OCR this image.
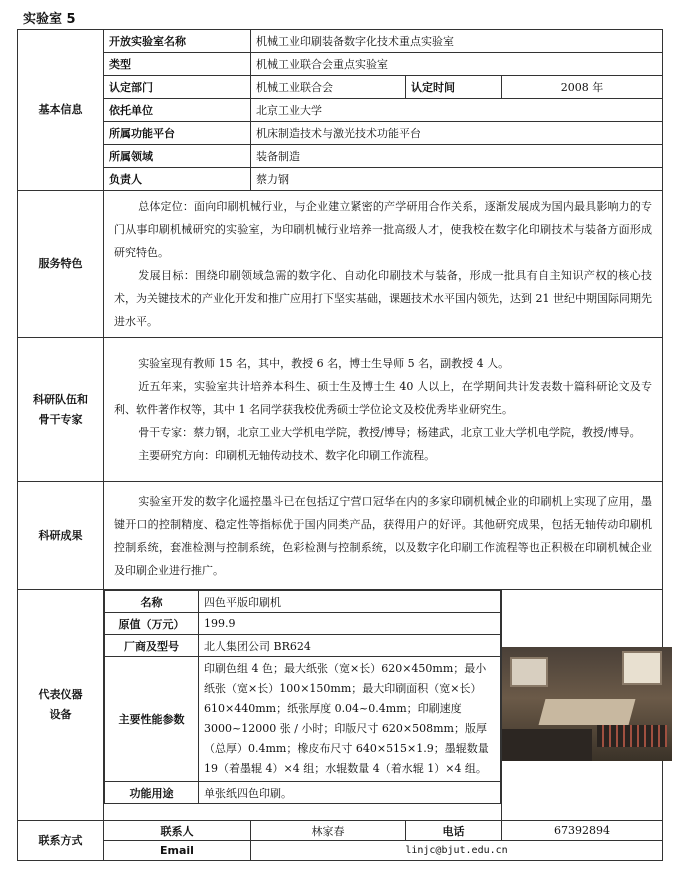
实验室 5
基本信息	开放实验室名称	机械工业印刷装备数字化技术重点实验室
类型	机械工业联合会重点实验室
认定部门	机械工业联合会	认定时间	2008 年
依托单位	北京工业大学
所属功能平台	机床制造技术与激光技术功能平台
所属领域	装备制造
负责人	蔡力钢
服务特色	

总体定位：面向印刷机械行业，与企业建立紧密的产学研用合作关系，逐渐发展成为国内最具影响力的专门从事印刷机械研究的实验室，为印刷机械行业培养一批高级人才，使我校在数字化印刷技术与装备方面形成研究特色。

发展目标：围绕印刷领域急需的数字化、自动化印刷技术与装备，形成一批具有自主知识产权的核心技术，为关键技术的产业化开发和推广应用打下坚实基础，课题技术水平国内领先，达到 21 世纪中期国际同期先进水平。

科研队伍和
骨干专家

实验室现有教师 15 名，其中，教授 6 名，博士生导师 5 名，副教授 4 人。

近五年来，实验室共计培养本科生、硕士生及博士生 40 人以上，在学期间共计发表数十篇科研论文及专利、软件著作权等，其中 1 名同学获我校优秀硕士学位论文及校优秀毕业研究生。

骨干专家：蔡力钢，北京工业大学机电学院，教授/博导；杨建武，北京工业大学机电学院，教授/博导。

主要研究方向：印刷机无轴传动技术、数字化印刷工作流程。

科研成果	

实验室开发的数字化遥控墨斗已在包括辽宁营口冠华在内的多家印刷机械企业的印刷机上实现了应用，墨键开口的控制精度、稳定性等指标优于国内同类产品，获得用户的好评。其他研究成果，包括无轴传动印刷机控制系统，套准检测与控制系统，色彩检测与控制系统，以及数字化印刷工作流程等也正积极在印刷机械企业及印刷企业进行推广。

代表仪器
设备

名称	四色平版印刷机
原值（万元）	199.9
厂商及型号	北人集团公司 BR624
主要性能参数	印刷色组 4 色；最大纸张（宽×长）620×450mm；最小纸张（宽×长）100×150mm；最大印刷面积（宽×长）610×440mm；纸张厚度 0.04~0.4mm；印刷速度 3000~12000 张 / 小时；印版尺寸 620×508mm；版厚（总厚）0.4mm；橡皮布尺寸 640×515×1.9；墨辊数量 19（着墨辊 4）×4 组；水辊数量 4（着水辊 1）×4 组。
功能用途	单张纸四色印刷。

联系方式	联系人	林家春	电话	67392894
Email	linjc@bjut.edu.cn
